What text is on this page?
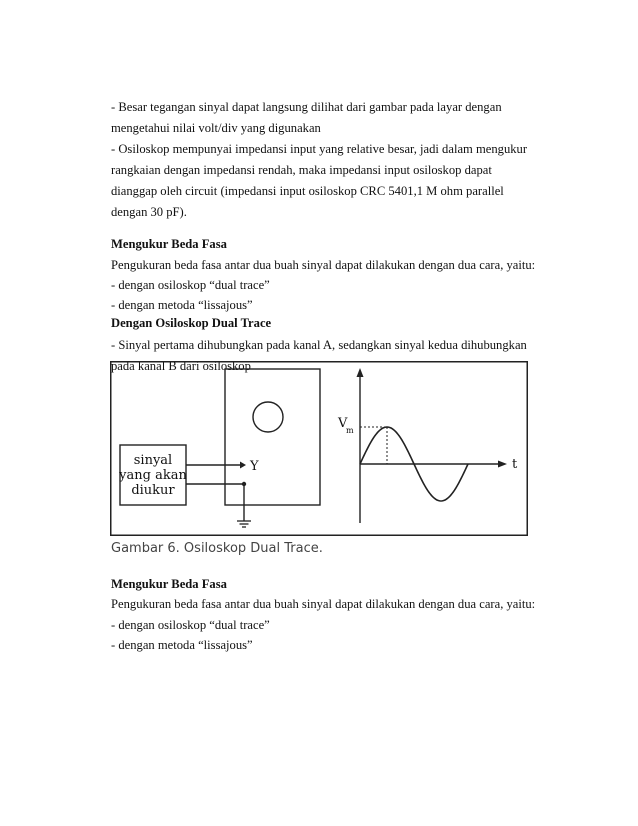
- Besar tegangan sinyal dapat langsung dilihat dari gambar pada layar dengan
mengetahui nilai volt/div yang digunakan
- Osiloskop mempunyai impedansi input yang relative besar, jadi dalam mengukur
rangkaian dengan impedansi rendah, maka impedansi input osiloskop dapat
dianggap oleh circuit (impedansi input osiloskop CRC 5401,1 M ohm parallel
dengan 30 pF).
Mengukur Beda Fasa
Pengukuran beda fasa antar dua buah sinyal dapat dilakukan dengan dua cara, yaitu:
- dengan osiloskop “dual trace”
- dengan metoda “lissajous”
Dengan Osiloskop Dual Trace
- Sinyal pertama dihubungkan pada kanal A, sedangkan sinyal kedua dihubungkan
pada kanal B dari osiloskop
sinyal
yang akan
diukur
Y	t
V
m
Gambar 6. Osiloskop Dual Trace.
Mengukur Beda Fasa
Pengukuran beda fasa antar dua buah sinyal dapat dilakukan dengan dua cara, yaitu:
- dengan osiloskop “dual trace”
- dengan metoda “lissajous”
